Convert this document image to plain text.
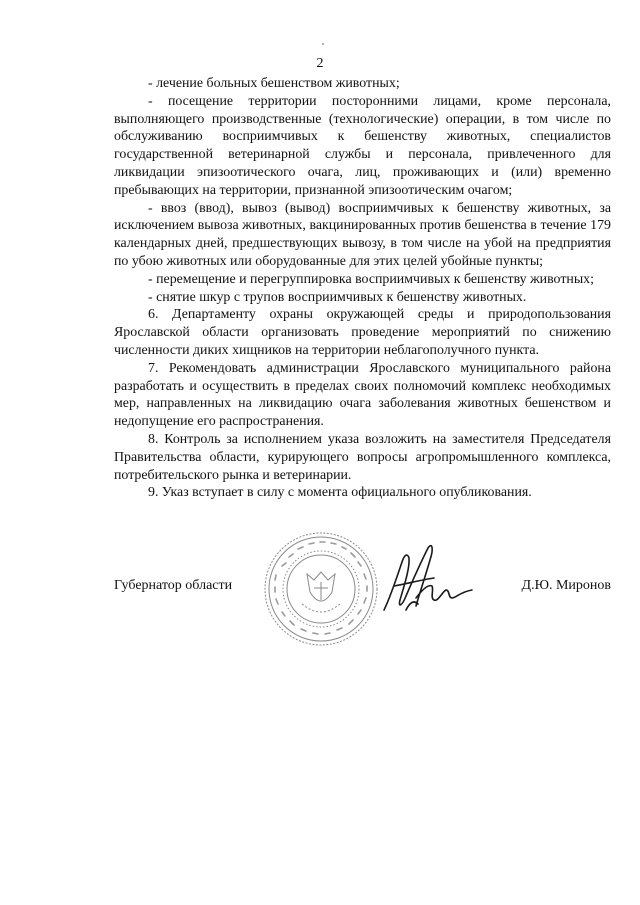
2

- лечение больных бешенством животных;

- посещение территории посторонними лицами, кроме персонала, выполняющего производственные (технологические) операции, в том числе по обслуживанию восприимчивых к бешенству животных, специалистов государственной ветеринарной службы и персонала, привлеченного для ликвидации эпизоотического очага, лиц, проживающих и (или) временно пребывающих на территории, признанной эпизоотическим очагом;

- ввоз (ввод), вывоз (вывод) восприимчивых к бешенству животных, за исключением вывоза животных, вакцинированных против бешенства в течение 179 календарных дней, предшествующих вывозу, в том числе на убой на предприятия по убою животных или оборудованные для этих целей убойные пункты;

- перемещение и перегруппировка восприимчивых к бешенству животных;

- снятие шкур с трупов восприимчивых к бешенству животных.

6. Департаменту охраны окружающей среды и природопользования Ярославской области организовать проведение мероприятий по снижению численности диких хищников на территории неблагополучного пункта.

7. Рекомендовать администрации Ярославского муниципального района разработать и осуществить в пределах своих полномочий комплекс необходимых мер, направленных на ликвидацию очага заболевания животных бешенством и недопущение его распространения.

8. Контроль за исполнением указа возложить на заместителя Председателя Правительства области, курирующего вопросы агропромышленного комплекса, потребительского рынка и ветеринарии.

9. Указ вступает в силу с момента официального опубликования.

Губернатор области	Д.Ю. Миронов
